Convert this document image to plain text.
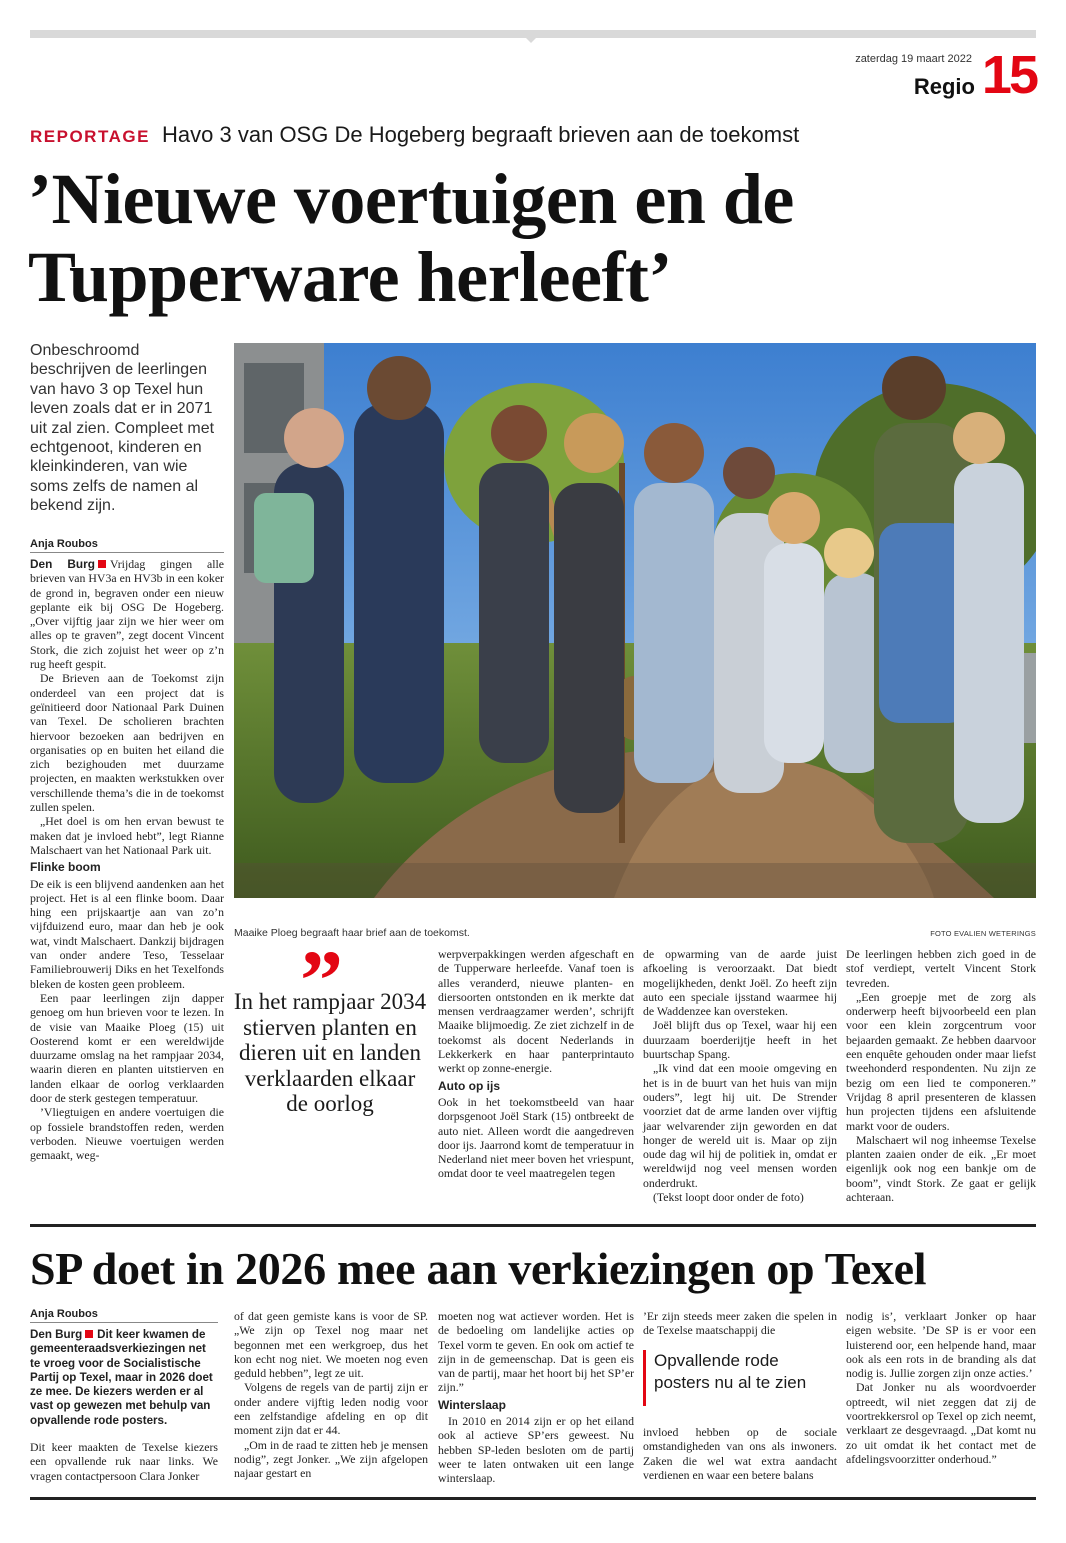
zaterdag 19 maart 2022
Regio 15
REPORTAGE Havo 3 van OSG De Hogeberg begraaft brieven aan de toekomst
’Nieuwe voertuigen en de Tupperware herleeft’
Onbeschroomd beschrijven de leerlingen van havo 3 op Texel hun leven zoals dat er in 2071 uit zal zien. Compleet met echtgenoot, kinderen en kleinkinderen, van wie soms zelfs de namen al bekend zijn.
Anja Roubos

Den Burg Vrijdag gingen alle brieven van HV3a en HV3b in een koker de grond in, begraven onder een nieuw geplante eik bij OSG De Hogeberg. „Over vijftig jaar zijn we hier weer om alles op te graven”, zegt docent Vincent Stork, die zich zojuist het weer op z’n rug heeft gespit.

De Brieven aan de Toekomst zijn onderdeel van een project dat is geïnitieerd door Nationaal Park Duinen van Texel. De scholieren brachten hiervoor bezoeken aan bedrijven en organisaties op en buiten het eiland die zich bezighouden met duurzame projecten, en maakten werkstukken over verschillende thema’s die in de toekomst zullen spelen.

„Het doel is om hen ervan bewust te maken dat je invloed hebt”, legt Rianne Malschaert van het Nationaal Park uit.

Flinke boom

De eik is een blijvend aandenken aan het project. Het is al een flinke boom. Daar hing een prijskaartje aan van zo’n vijfduizend euro, maar dan heb je ook wat, vindt Malschaert. Dankzij bijdragen van onder andere Teso, Tesselaar Familiebrouwerij Diks en het Texelfonds bleken de kosten geen probleem.

Een paar leerlingen zijn dapper genoeg om hun brieven voor te lezen. In de visie van Maaike Ploeg (15) uit Oosterend komt er een wereldwijde duurzame omslag na het rampjaar 2034, waarin dieren en planten uitstierven en landen elkaar de oorlog verklaarden door de sterk gestegen temperatuur.

’Vliegtuigen en andere voertuigen die op fossiele brandstoffen reden, werden verboden. Nieuwe voertuigen werden gemaakt, weg-

Maaike Ploeg begraaft haar brief aan de toekomst.	FOTO EVALIEN WETERINGS
”
In het rampjaar 2034 stierven planten en dieren uit en landen verklaarden elkaar de oorlog

werpverpakkingen werden afgeschaft en de Tupperware herleefde. Vanaf toen is alles veranderd, nieuwe planten- en diersoorten ontstonden en ik merkte dat mensen verdraagzamer werden’, schrijft Maaike blijmoedig. Ze ziet zichzelf in de toekomst als docent Nederlands in Lekkerkerk en haar panterprintauto werkt op zonne-energie.

Auto op ijs

Ook in het toekomstbeeld van haar dorpsgenoot Joël Stark (15) ontbreekt de auto niet. Alleen wordt die aangedreven door ijs. Jaarrond komt de temperatuur in Nederland niet meer boven het vriespunt, omdat door te veel maatregelen tegen

de opwarming van de aarde juist afkoeling is veroorzaakt. Dat biedt mogelijkheden, denkt Joël. Zo heeft zijn auto een speciale ijsstand waarmee hij de Waddenzee kan oversteken.

Joël blijft dus op Texel, waar hij een duurzaam boerderijtje heeft in het buurtschap Spang.

„Ik vind dat een mooie omgeving en het is in de buurt van het huis van mijn ouders”, legt hij uit. De Strender voorziet dat de arme landen over vijftig jaar welvarender zijn geworden en dat honger de wereld uit is. Maar op zijn oude dag wil hij de politiek in, omdat er wereldwijd nog veel mensen worden onderdrukt.

(Tekst loopt door onder de foto)

De leerlingen hebben zich goed in de stof verdiept, vertelt Vincent Stork tevreden.

„Een groepje met de zorg als onderwerp heeft bijvoorbeeld een plan voor een klein zorgcentrum voor bejaarden gemaakt. Ze hebben daarvoor een enquête gehouden onder maar liefst tweehonderd respondenten. Nu zijn ze bezig om een lied te componeren.” Vrijdag 8 april presenteren de klassen hun projecten tijdens een afsluitende markt voor de ouders.

Malschaert wil nog inheemse Texelse planten zaaien onder de eik. „Er moet eigenlijk ook nog een bankje om de boom”, vindt Stork. Ze gaat er gelijk achteraan.

SP doet in 2026 mee aan verkiezingen op Texel
Anja Roubos

Den Burg Dit keer kwamen de gemeenteraadsverkiezingen net te vroeg voor de Socialistische Partij op Texel, maar in 2026 doet ze mee. De kiezers werden er al vast op gewezen met behulp van opvallende rode posters.

Dit keer maakten de Texelse kiezers een opvallende ruk naar links. We vragen contactpersoon Clara Jonker

of dat geen gemiste kans is voor de SP. „We zijn op Texel nog maar net begonnen met een werkgroep, dus het kon echt nog niet. We moeten nog even geduld hebben”, legt ze uit.

Volgens de regels van de partij zijn er onder andere vijftig leden nodig voor een zelfstandige afdeling en op dit moment zijn dat er 44.

„Om in de raad te zitten heb je mensen nodig”, zegt Jonker. „We zijn afgelopen najaar gestart en

moeten nog wat actiever worden. Het is de bedoeling om landelijke acties op Texel vorm te geven. En ook om actief te zijn in de gemeenschap. Dat is geen eis van de partij, maar het hoort bij het SP’er zijn.”

Winterslaap

In 2010 en 2014 zijn er op het eiland ook al actieve SP’ers geweest. Nu hebben SP-leden besloten om de partij weer te laten ontwaken uit een lange winterslaap.

’Er zijn steeds meer zaken die spelen in de Texelse maatschappij die

Opvallende rode posters nu al te zien

invloed hebben op de sociale omstandigheden van ons als inwoners. Zaken die wel wat extra aandacht verdienen en waar een betere balans

nodig is’, verklaart Jonker op haar eigen website. ’De SP is er voor een luisterend oor, een helpende hand, maar ook als een rots in de branding als dat nodig is. Jullie zorgen zijn onze acties.’

Dat Jonker nu als woordvoerder optreedt, wil niet zeggen dat zij de voortrekkersrol op Texel op zich neemt, verklaart ze desgevraagd. „Dat komt nu zo uit omdat ik het contact met de afdelingsvoorzitter onderhoud.”
